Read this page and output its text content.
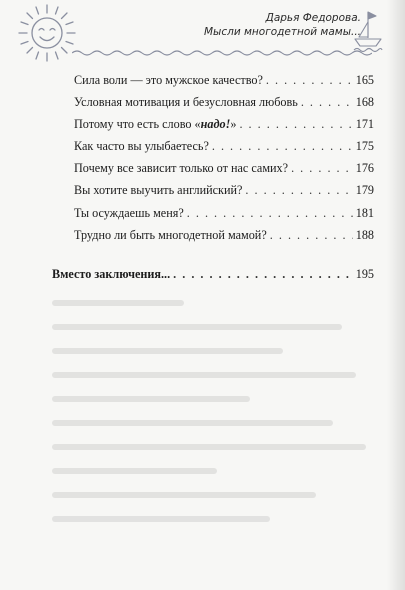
Дарья Федорова.
Мысли многодетной мамы...
Сила воли — это мужское качество? . . .	165
Условная мотивация и безусловная любовь . . .	168
Потому что есть слово «надо!» . . .	171
Как часто вы улыбаетесь? . . .	175
Почему все зависит только от нас самих? . . .	176
Вы хотите выучить английский? . . .	179
Ты осуждаешь меня? . . .	181
Трудно ли быть многодетной мамой? . . .	188
Вместо заключения... . . .	195
